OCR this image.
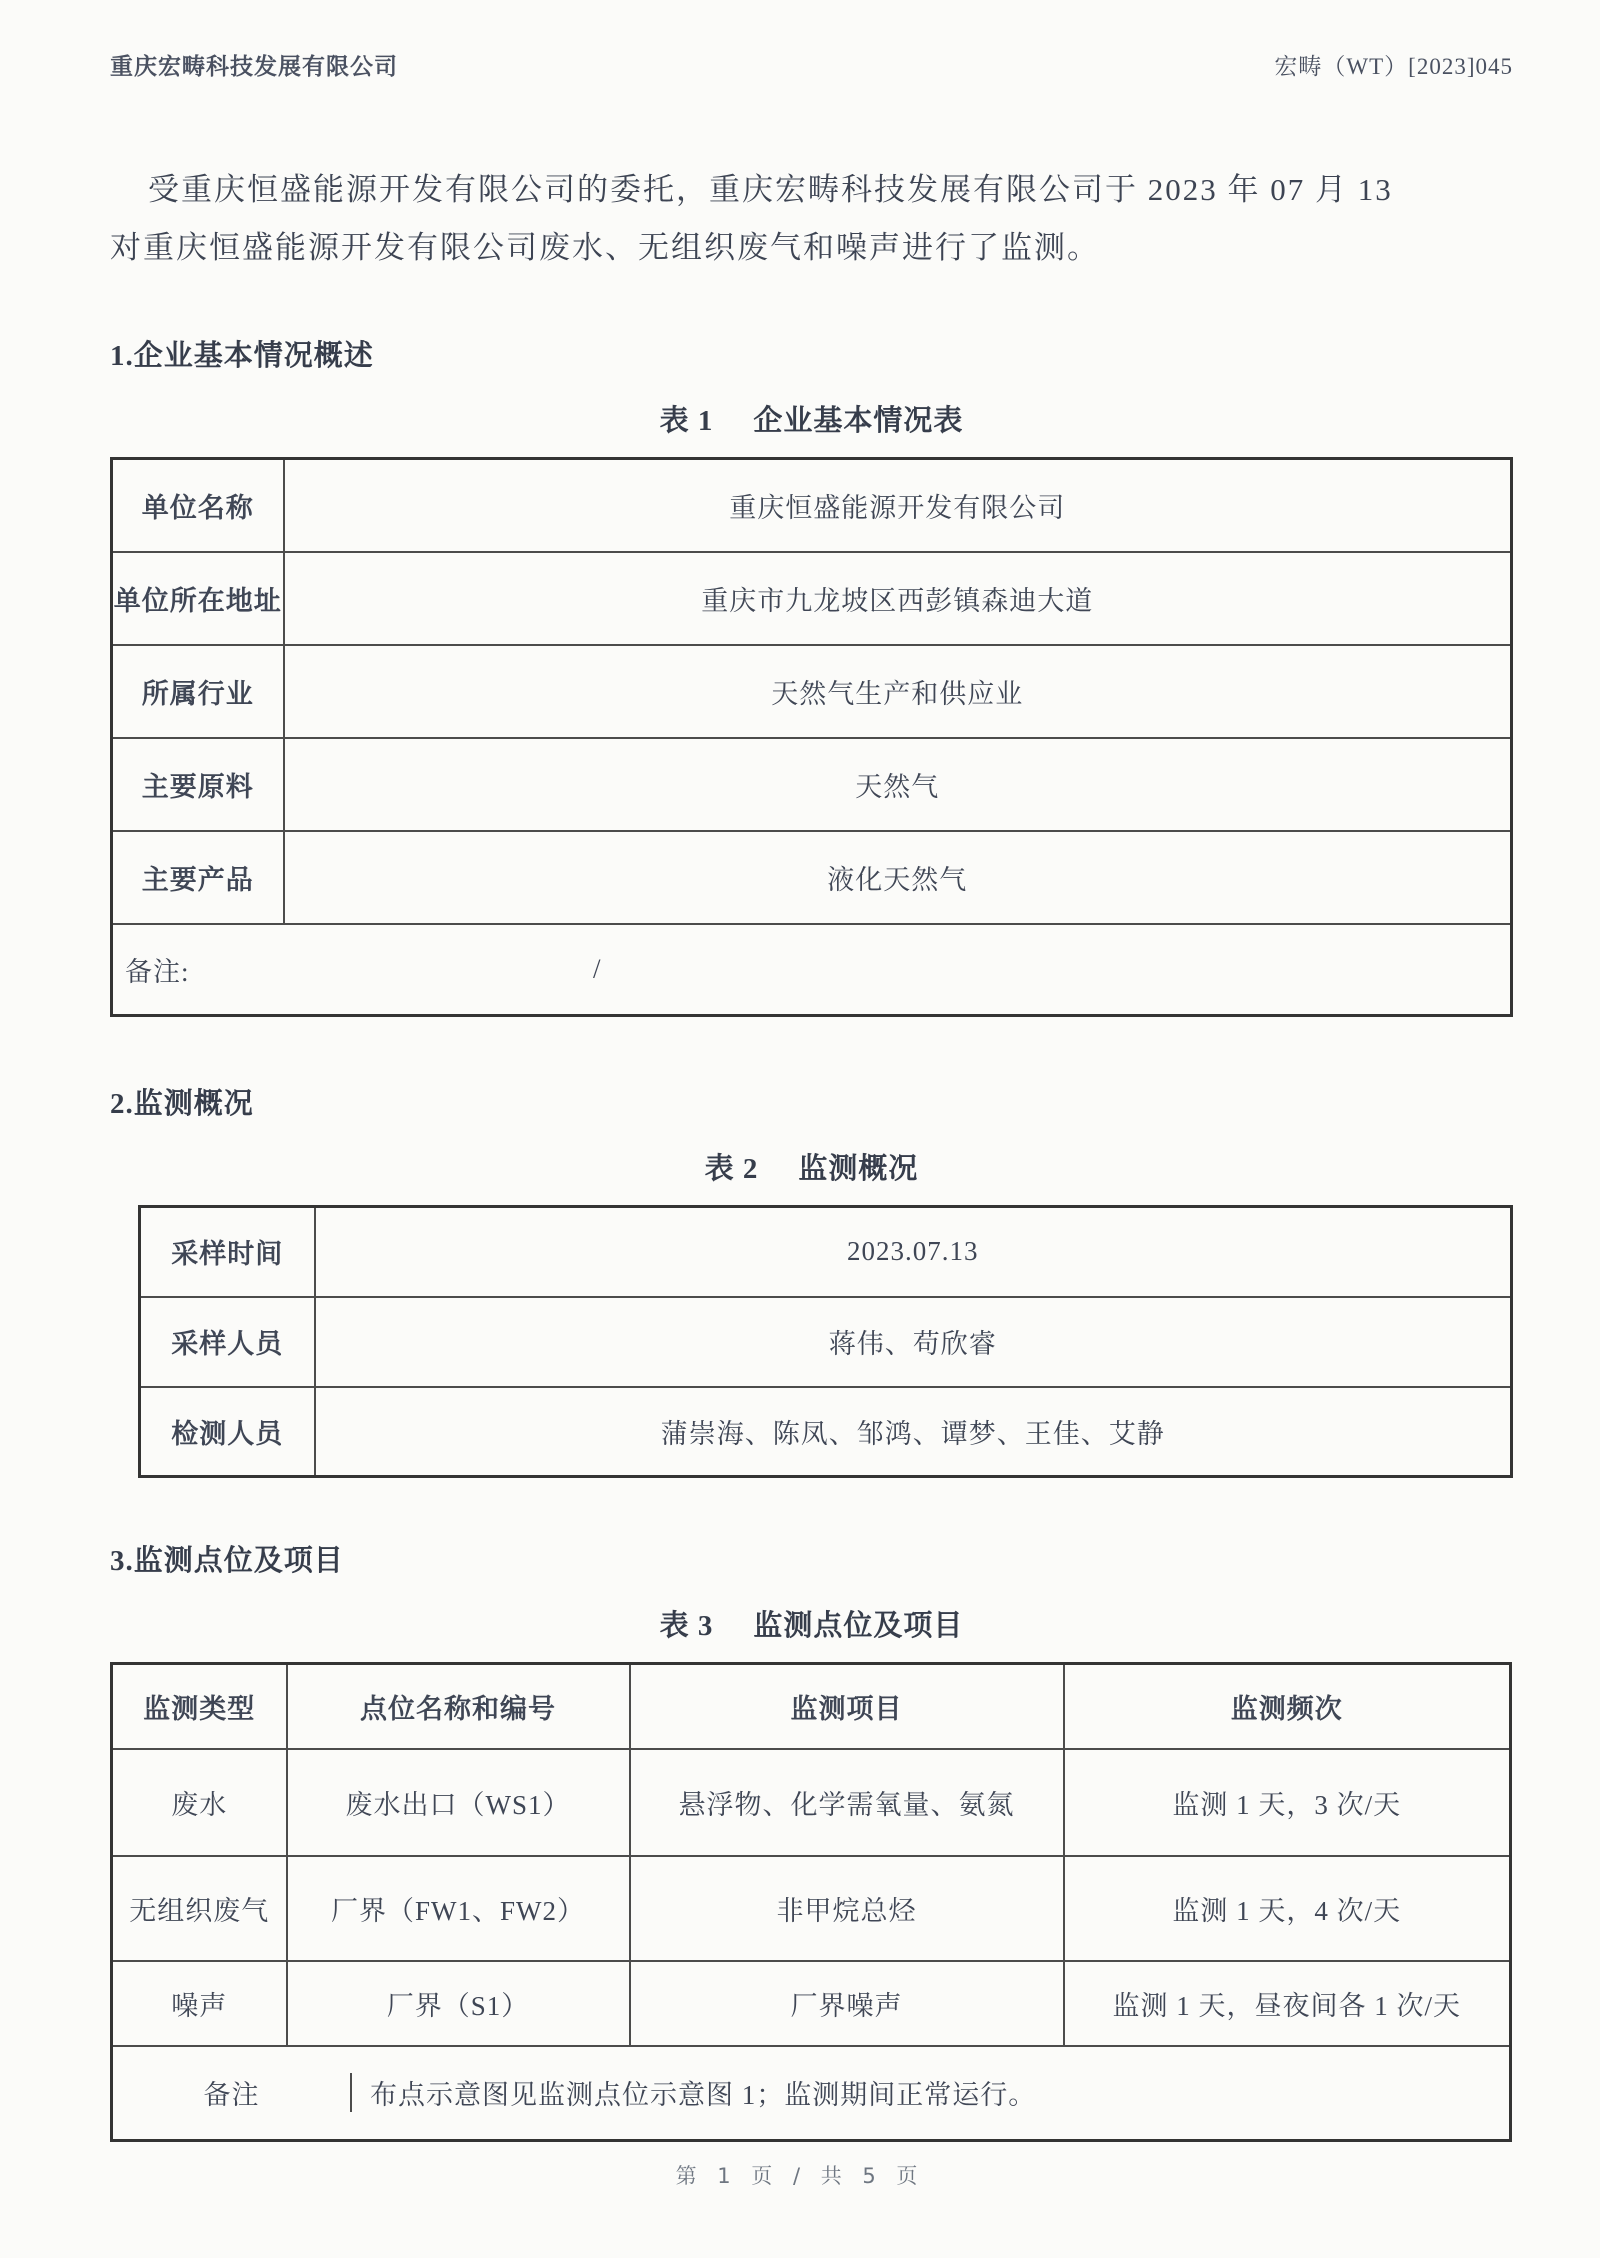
重庆宏畴科技发展有限公司	宏畴（WT）[2023]045
受重庆恒盛能源开发有限公司的委托，重庆宏畴科技发展有限公司于 2023 年 07 月 13
对重庆恒盛能源开发有限公司废水、无组织废气和噪声进行了监测。
1.企业基本情况概述
表 1 企业基本情况表
单位名称	重庆恒盛能源开发有限公司
单位所在地址	重庆市九龙坡区西彭镇森迪大道
所属行业	天然气生产和供应业
主要原料	天然气
主要产品	液化天然气
备注: /	
2.监测概况
表 2 监测概况
采样时间	2023.07.13
采样人员	蒋伟、苟欣睿
检测人员	蒲崇海、陈凤、邹鸿、谭梦、王佳、艾静
3.监测点位及项目
表 3 监测点位及项目
监测类型	点位名称和编号	监测项目	监测频次
废水	废水出口（WS1）	悬浮物、化学需氧量、氨氮	监测 1 天，3 次/天
无组织废气	厂界（FW1、FW2）	非甲烷总烃	监测 1 天，4 次/天
噪声	厂界（S1）	厂界噪声	监测 1 天，昼夜间各 1 次/天

备注 布点示意图见监测点位示意图 1；监测期间正常运行。			
第 1 页 / 共 5 页
